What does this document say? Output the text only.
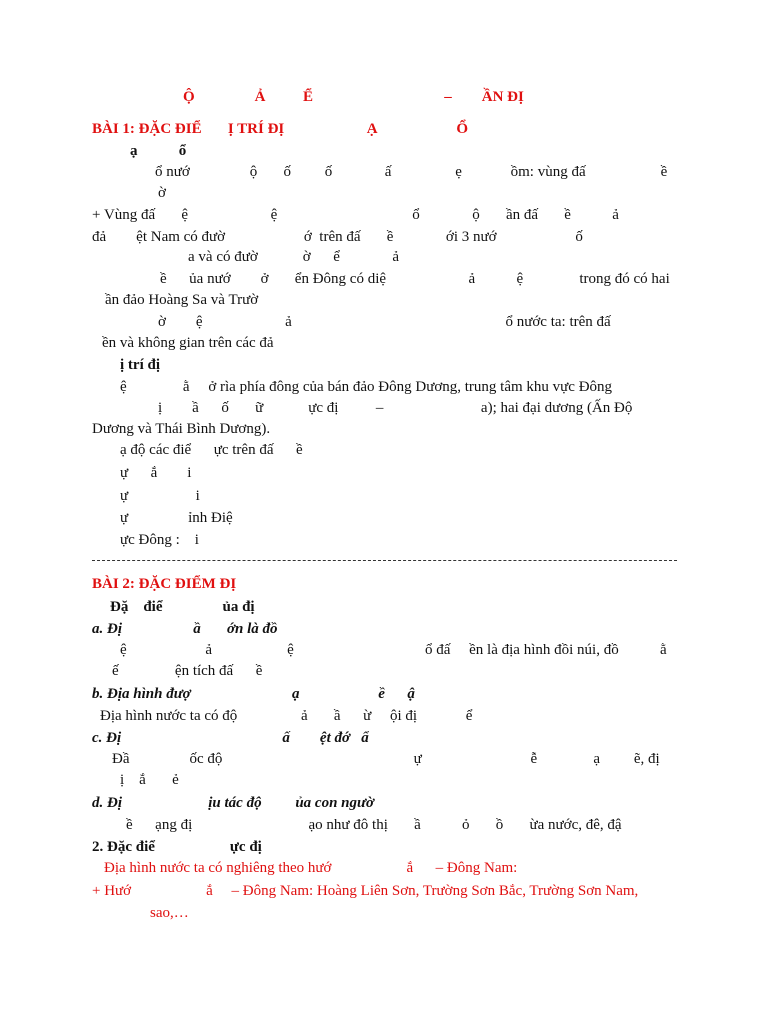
Ộ                Ả          Ể                                   –        ẦN ĐỊ
BÀI 1: ĐẶC ĐIỂ       Ị TRÍ ĐỊ                      Ạ                     Ổ
ạ           ổ
ổ nướ                ộ       ố         ố              ấ                 ẹ             ồm: vùng đấ                    ề
ờ
+ Vùng đấ       ệ                      ệ                                    ổ              ộ       ần đấ       ề           ả
đả        ệt Nam có đườ                     ớ  trên đấ       ề              ới 3 nướ                     ố
a và có đườ            ờ      ể              ả
ề      ủa nướ        ở       ển Đông có diệ                      ả           ệ               trong đó có hai
ần đảo Hoàng Sa và Trườ
ờ        ệ                      ả                                                         ổ nước ta: trên đấ
ền và không gian trên các đả
ị trí đị
ệ               ằ     ở rìa phía đông của bán đảo Đông Dương, trung tâm khu vực Đông
ị        ầ      ố       ữ            ực đị          –                          a); hai đại dương (Ấn Độ
Dương và Thái Bình Dương).
ạ độ các điể      ực trên đấ      ề
ự      ắ        i
ự                  i
ự                ỉnh Điệ
ực Đông :    i
BÀI 2: ĐẶC ĐIỂM ĐỊ
Đặ    điể                ủa đị
a. Đị                   ầ       ớn là đồ
ệ                     ả                    ệ                                   ổ đấ     ền là địa hình đồi núi, đồ           ằ
ế               ện tích đấ      ề
b. Địa hình đượ                           ạ                     ề      ậ
Địa hình nước ta có độ                 ả       ầ      ừ     ội đị             ể
c. Đị                                           ấ        ệt đớ   ẩ
Đầ                ốc độ                                                   ự                             ễ               ạ         ẽ, đị
ị    ắ       ẻ
d. Đị                       ịu tác độ         ủa con ngườ
ề      ạng đị                               ạo như đô thị       ầ           ỏ       ồ       ừa nước, đê, đậ
2. Đặc điể                    ực đị
Địa hình nước ta có nghiêng theo hướ                    ắ      – Đông Nam:
+ Hướ                    ắ     – Đông Nam: Hoàng Liên Sơn, Trường Sơn Bắc, Trường Sơn Nam,
sao,…
